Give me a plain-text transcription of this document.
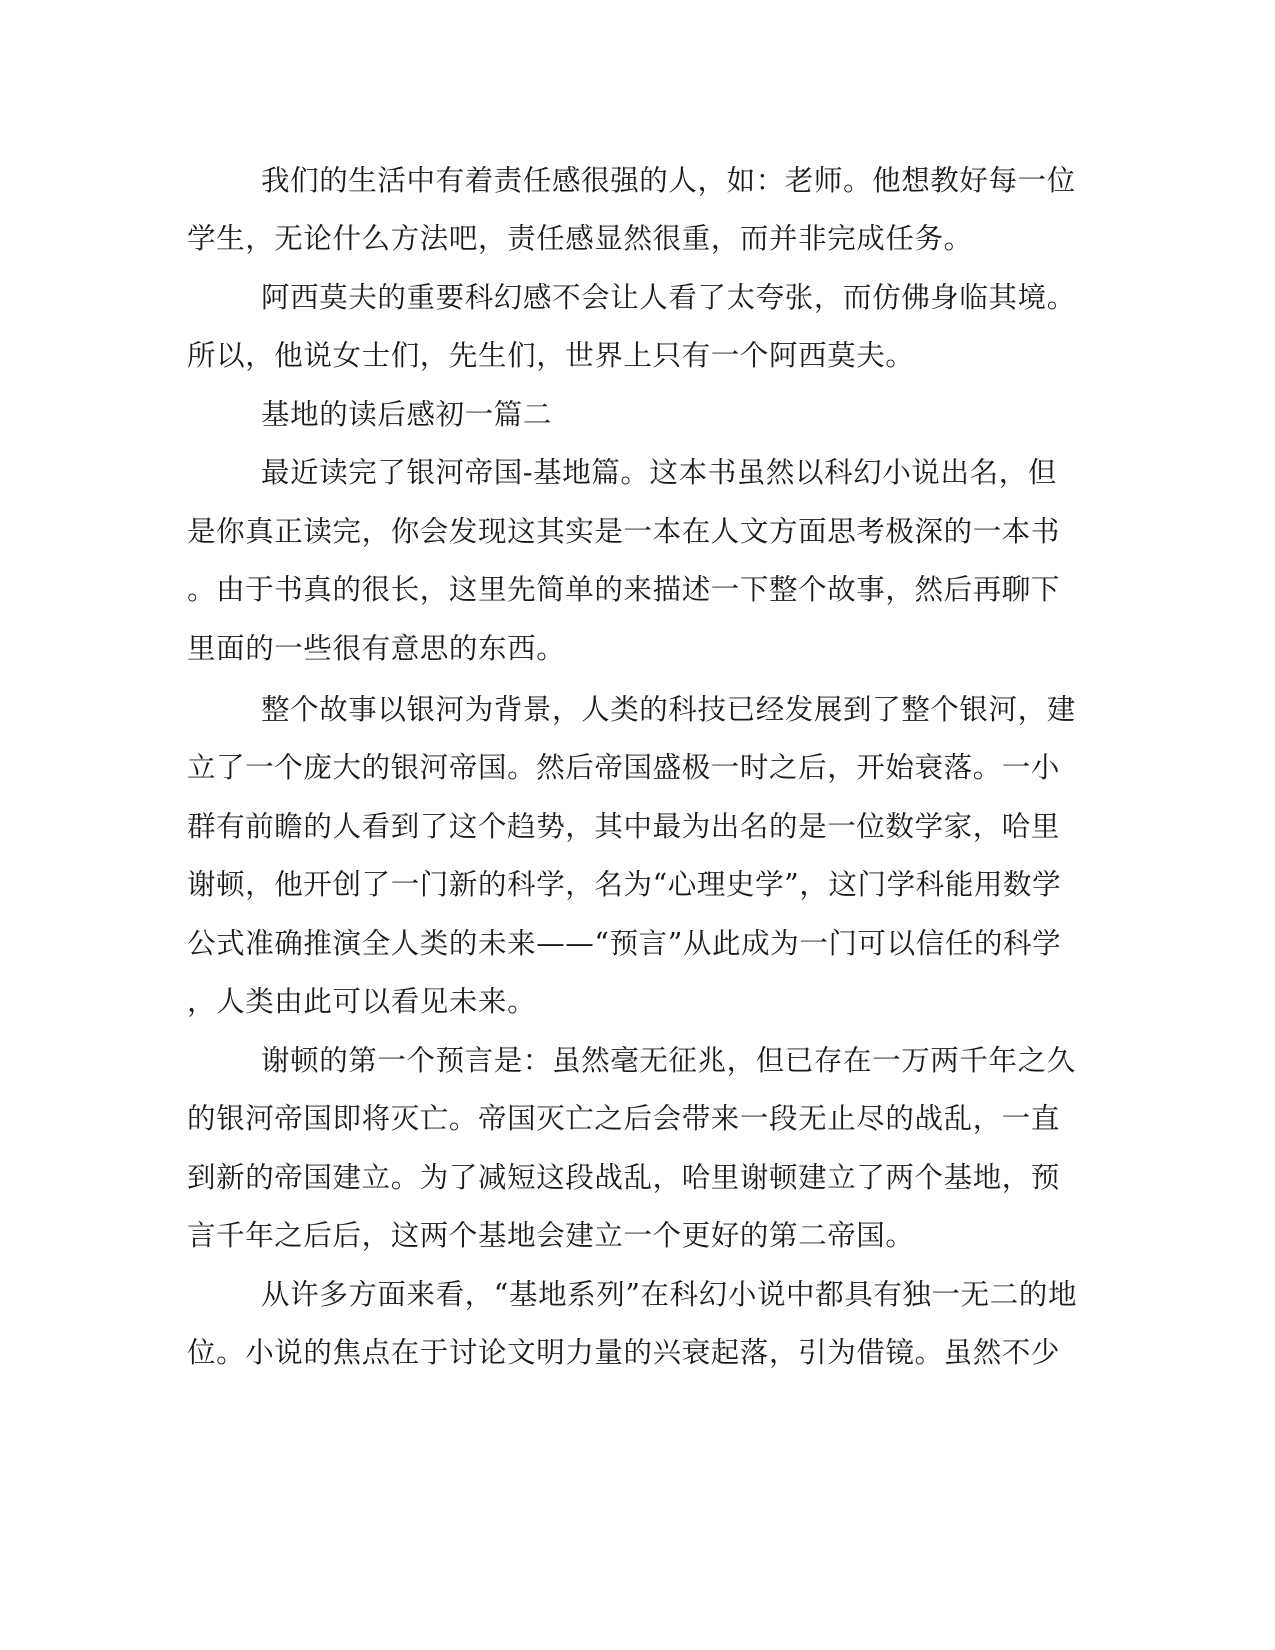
我们的生活中有着责任感很强的人，如：老师。他想教好每一位
学生，无论什么方法吧，责任感显然很重，而并非完成任务。
阿西莫夫的重要科幻感不会让人看了太夸张，而仿佛身临其境。
所以，他说女士们，先生们，世界上只有一个阿西莫夫。
基地的读后感初一篇二
最近读完了银河帝国-基地篇。这本书虽然以科幻小说出名，但
是你真正读完，你会发现这其实是一本在人文方面思考极深的一本书
。由于书真的很长，这里先简单的来描述一下整个故事，然后再聊下
里面的一些很有意思的东西。
整个故事以银河为背景，人类的科技已经发展到了整个银河，建
立了一个庞大的银河帝国。然后帝国盛极一时之后，开始衰落。一小
群有前瞻的人看到了这个趋势，其中最为出名的是一位数学家，哈里
谢顿，他开创了一门新的科学，名为“心理史学”，这门学科能用数学
公式准确推演全人类的未来——“预言”从此成为一门可以信任的科学
，人类由此可以看见未来。
谢顿的第一个预言是：虽然毫无征兆，但已存在一万两千年之久
的银河帝国即将灭亡。帝国灭亡之后会带来一段无止尽的战乱，一直
到新的帝国建立。为了减短这段战乱，哈里谢顿建立了两个基地，预
言千年之后后，这两个基地会建立一个更好的第二帝国。
从许多方面来看，“基地系列”在科幻小说中都具有独一无二的地
位。小说的焦点在于讨论文明力量的兴衰起落，引为借镜。虽然不少
